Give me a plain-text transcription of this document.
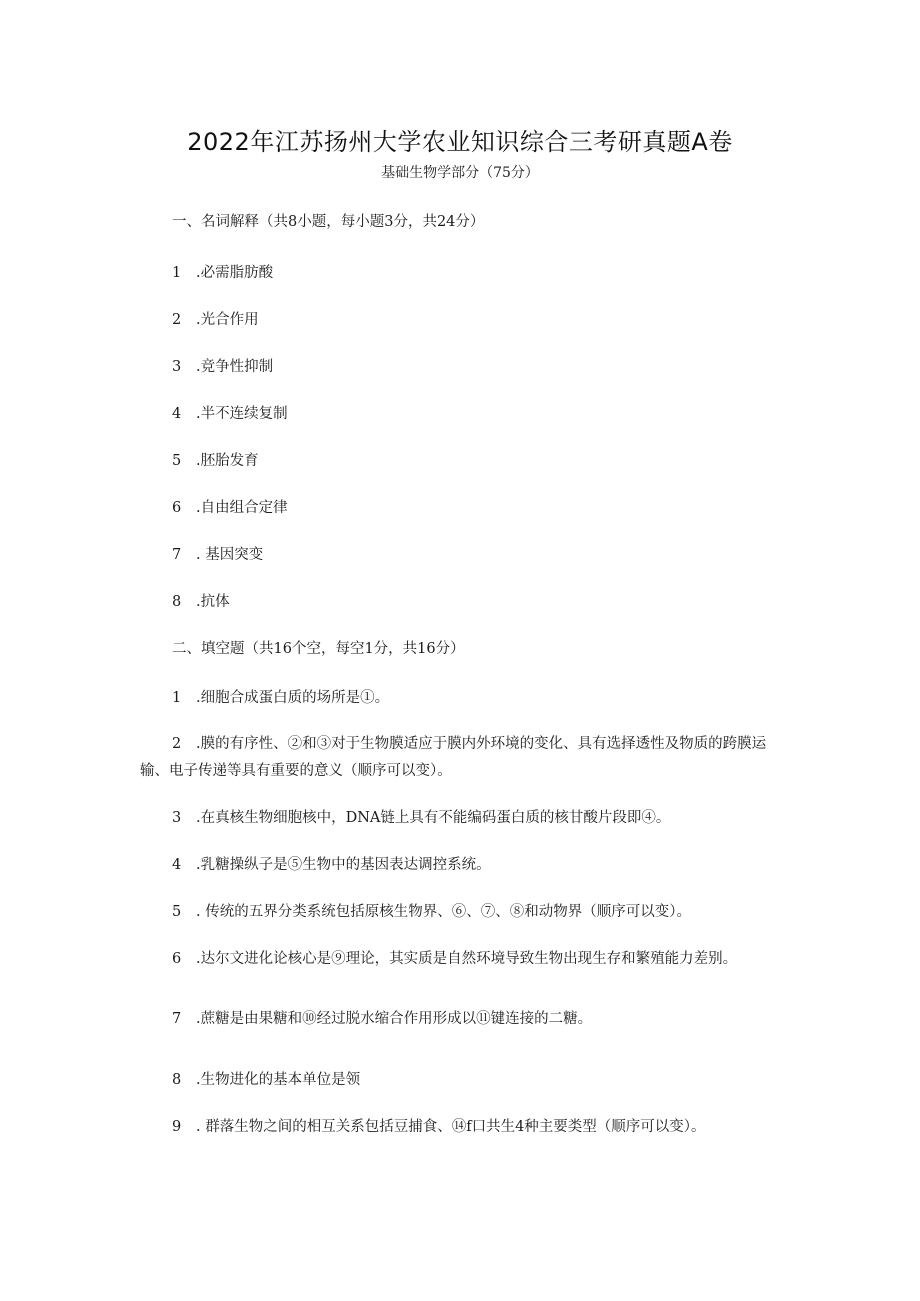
2022年江苏扬州大学农业知识综合三考研真题A卷
基础生物学部分（75分）
一、名词解释（共8小题，每小题3分，共24分）
1 .必需脂肪酸
2 .光合作用
3 .竞争性抑制
4 .半不连续复制
5 .胚胎发育
6 .自由组合定律
7 . 基因突变
8 .抗体
二、填空题（共16个空，每空1分，共16分）
1 .细胞合成蛋白质的场所是①。
2 .膜的有序性、②和③对于生物膜适应于膜内外环境的变化、具有选择透性及物质的跨膜运输、电子传递等具有重要的意义（顺序可以变）。
3 .在真核生物细胞核中，DNA链上具有不能编码蛋白质的核甘酸片段即④。
4 .乳糖操纵子是⑤生物中的基因表达调控系统。
5 . 传统的五界分类系统包括原核生物界、⑥、⑦、⑧和动物界（顺序可以变）。
6 .达尔文进化论核心是⑨理论，其实质是自然环境导致生物出现生存和繁殖能力差别。
7 .蔗糖是由果糖和⑩经过脱水缩合作用形成以⑪键连接的二糖。
8 .生物进化的基本单位是领
9 . 群落生物之间的相互关系包括豆捕食、⑭f口共生4种主要类型（顺序可以变）。
